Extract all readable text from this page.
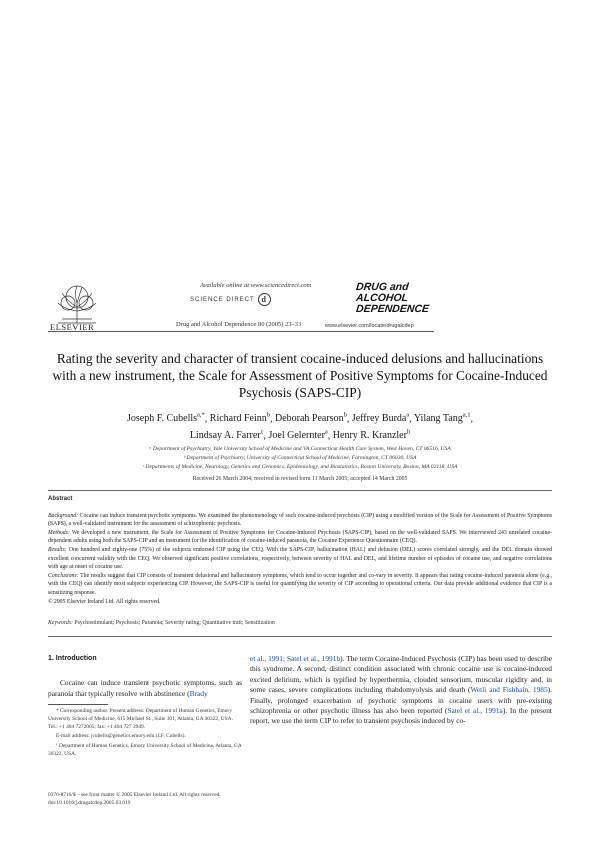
ELSEVIER
Available online at www.sciencedirect.com
SCIENCE DIRECT d
Drug and Alcohol Dependence 80 (2005) 23–33
DRUG and
ALCOHOL
DEPENDENCE
www.elsevier.com/locate/drugalcdep
Rating the severity and character of transient cocaine-induced delusions and hallucinations with a new instrument, the Scale for Assessment of Positive Symptoms for Cocaine-Induced Psychosis (SAPS-CIP)
Joseph F. Cubells$^{a,*}$, Richard Feinn$^b$, Deborah Pearson$^b$, Jeffrey Burda$^a$, Yilang Tang$^{a,1}$,
Lindsay A. Farrer$^c$, Joel Gelernter$^a$, Henry R. Kranzler$^b$
ᵃ Department of Psychiatry, Yale University School of Medicine and VA Connecticut Health Care System, West Haven, CT 06516, USA
ᵇ Department of Psychiatry, University of Connecticut School of Medicine, Farmington, CT 06030, USA
ᶜ Departments of Medicine, Neurology, Genetics and Genomics, Epidemiology, and Biostatistics, Boston University, Boston, MA 02118, USA
Received 26 March 2004; received in revised form 11 March 2005; accepted 14 March 2005
Abstract

Background: Cocaine can induce transient psychotic symptoms. We examined the phenomenology of such cocaine-induced psychosis (CIP) using a modified version of the Scale for Assessment of Positive Symptoms (SAPS), a well-validated instrument for the assessment of schizophrenic psychosis.

Methods: We developed a new instrument, the Scale for Assessment of Positive Symptoms for Cocaine-Induced Psychosis (SAPS-CIP), based on the well-validated SAPS. We interviewed 243 unrelated cocaine-dependent adults using both the SAPS-CIP and an instrument for the identification of cocaine-induced paranoia, the Cocaine Experience Questionnaire (CEQ).

Results: One hundred and eighty-one (75%) of the subjects endorsed CIP using the CEQ. With the SAPS-CIP, hallucination (HAL) and delusion (DEL) scores correlated strongly, and the DEL domain showed excellent concurrent validity with the CEQ. We observed significant positive correlations, respectively, between severity of HAL and DEL, and lifetime number of episodes of cocaine use, and negative correlations with age at onset of cocaine use.

Conclusions: The results suggest that CIP consists of transient delusional and hallucinatory symptoms, which tend to occur together and co-vary in severity. It appears that rating cocaine-induced paranoia alone (e.g., with the CEQ) can identify most subjects experiencing CIP. However, the SAPS-CIP is useful for quantifying the severity of CIP according to operational criteria. Our data provide additional evidence that CIP is a sensitizing response.

© 2005 Elsevier Ireland Ltd. All rights reserved.

Keywords: Psychostimulant; Psychosis; Paranoia; Severity rating; Quantitative trait; Sensitization
1. Introduction

Cocaine can induce transient psychotic symptoms, such as paranoia that typically resolve with abstinence (Brady

et al., 1991; Satel et al., 1991b). The term Cocaine-Induced Psychosis (CIP) has been used to describe this syndrome. A second, distinct condition associated with chronic cocaine use is cocaine-induced excited delirium, which is typified by hyperthermia, clouded sensorium, muscular rigidity and, in some cases, severe complications including rhabdomyolysis and death (Wetli and Fishbain, 1985). Finally, prolonged exacerbation of psychotic symptoms in cocaine users with pre-existing schizophrenia or other psychotic illness has also been reported (Satel et al., 1991a). In the present report, we use the term CIP to refer to transient psychosis induced by co-

* Corresponding author. Present address: Department of Human Genetics, Emory University School of Medicine, 615 Michael St., Suite 301, Atlanta, GA 30322, USA. Tel.: +1 404 7272005; fax: +1 404 727 3949.

E-mail address: jcubells@genetics.emory.edu (J.F. Cubells).

¹ Department of Human Genetics, Emory University School of Medicine, Atlanta, GA 30322, USA.

0376-8716/$ – see front matter © 2005 Elsevier Ireland Ltd. All rights reserved.
doi:10.1016/j.drugalcdep.2005.03.019
